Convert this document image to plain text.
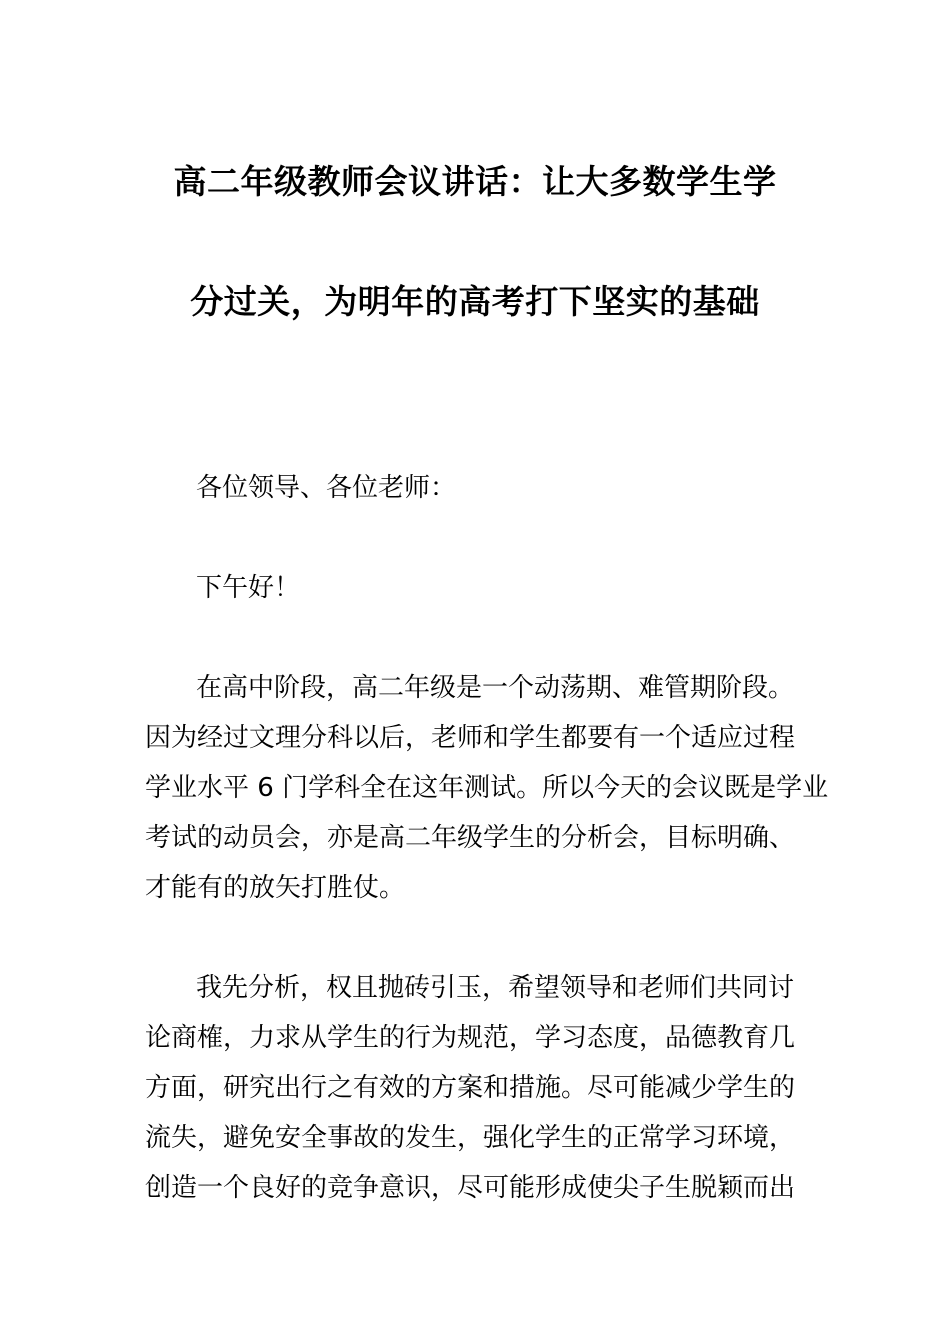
高二年级教师会议讲话：让大多数学生学
分过关，为明年的高考打下坚实的基础
各位领导、各位老师：
下午好！
在高中阶段，高二年级是一个动荡期、难管期阶段。
因为经过文理分科以后，老师和学生都要有一个适应过程
学业水平 6 门学科全在这年测试。所以今天的会议既是学业
考试的动员会，亦是高二年级学生的分析会，目标明确、
才能有的放矢打胜仗。
我先分析，权且抛砖引玉，希望领导和老师们共同讨
论商榷，力求从学生的行为规范，学习态度，品德教育几
方面，研究出行之有效的方案和措施。尽可能减少学生的
流失，避免安全事故的发生，强化学生的正常学习环境，
创造一个良好的竞争意识，尽可能形成使尖子生脱颖而出
